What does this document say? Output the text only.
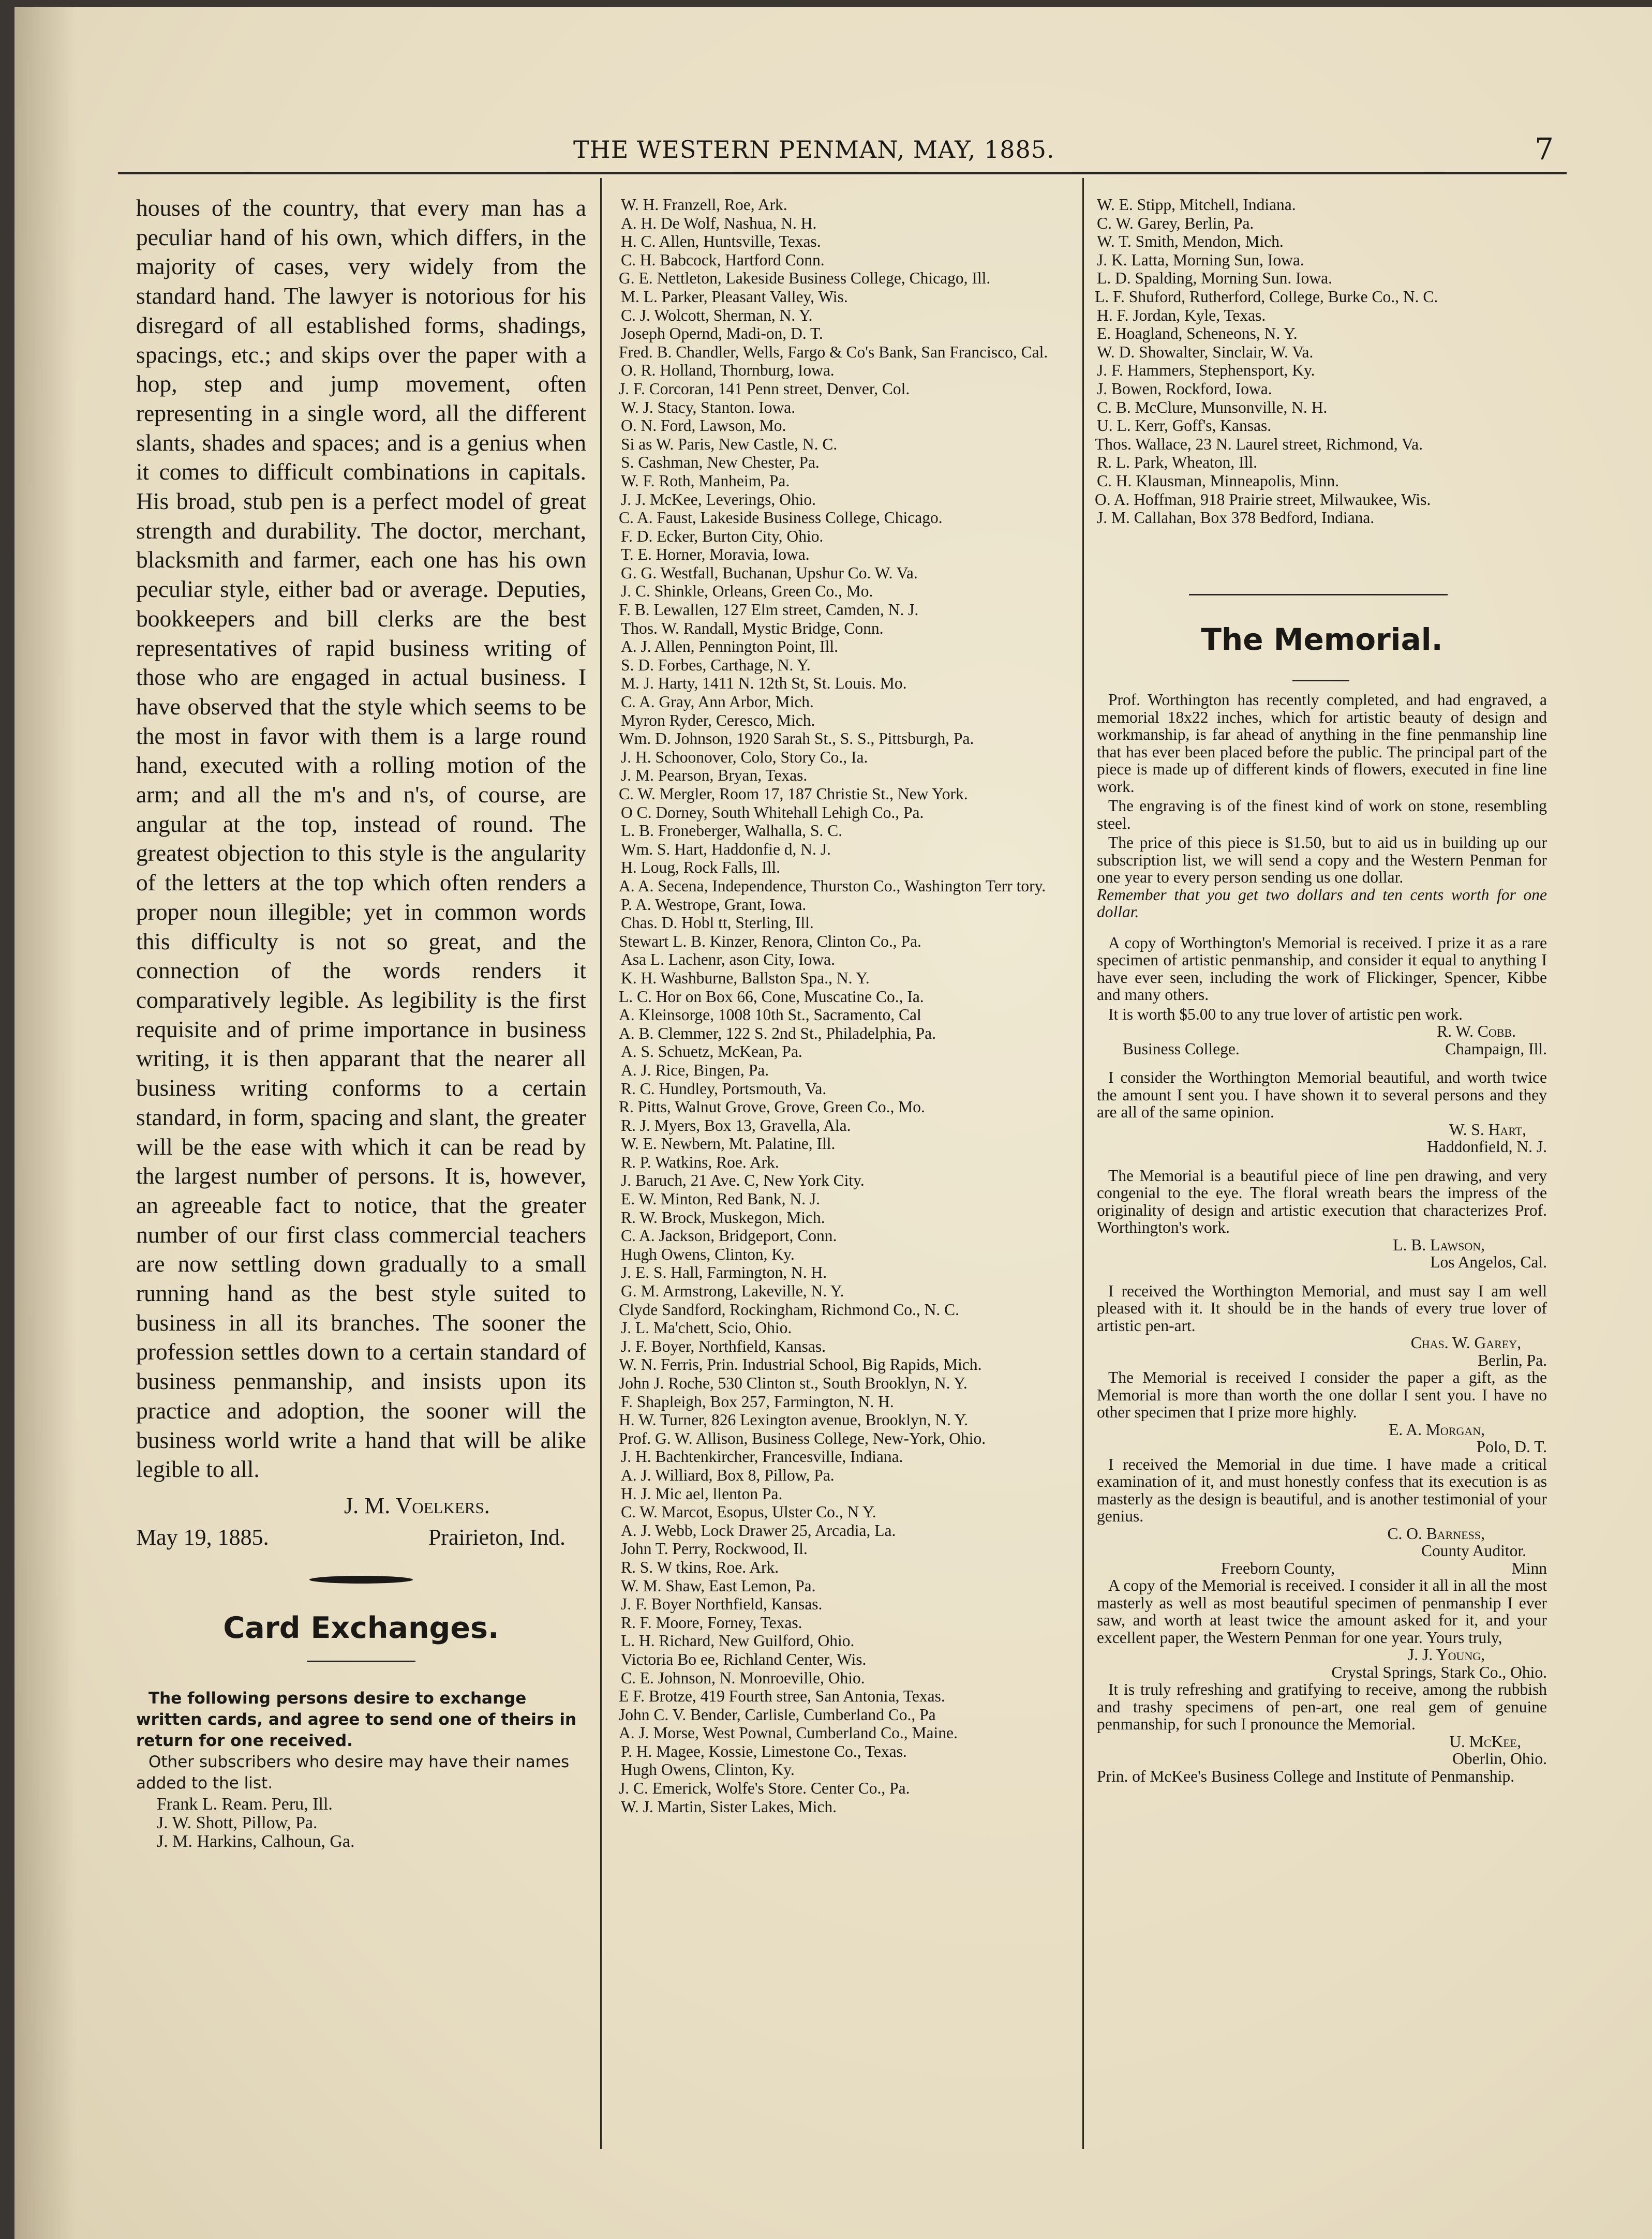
THE WESTERN PENMAN, MAY, 1885.	7

houses of the country, that every man has a peculiar hand of his own, which differs, in the majority of cases, very widely from the standard hand. The lawyer is notorious for his disregard of all established forms, shadings, spacings, etc.; and skips over the paper with a hop, step and jump movement, often representing in a single word, all the different slants, shades and spaces; and is a genius when it comes to difficult combinations in capitals. His broad, stub pen is a perfect model of great strength and durability. The doctor, merchant, blacksmith and farmer, each one has his own peculiar style, either bad or average. Deputies, bookkeepers and bill clerks are the best representatives of rapid business writing of those who are engaged in actual business. I have observed that the style which seems to be the most in favor with them is a large round hand, executed with a rolling motion of the arm; and all the m's and n's, of course, are angular at the top, instead of round. The greatest objection to this style is the angularity of the letters at the top which often renders a proper noun illegible; yet in common words this difficulty is not so great, and the connection of the words renders it comparatively legible. As legibility is the first requisite and of prime importance in business writing, it is then apparant that the nearer all business writing conforms to a certain standard, in form, spacing and slant, the greater will be the ease with which it can be read by the largest number of persons. It is, however, an agreeable fact to notice, that the greater number of our first class commercial teachers are now settling down gradually to a small running hand as the best style suited to business in all its branches. The sooner the profession settles down to a certain standard of business penmanship, and insists upon its practice and adoption, the sooner will the business world write a hand that will be alike legible to all.

J. M. Voelkers.
May 19, 1885.	Prairieton, Ind.
Card Exchanges.

The following persons desire to exchange written cards, and agree to send one of theirs in return for one received.

Other subscribers who desire may have their names added to the list.

Frank L. Ream. Peru, Ill.
J. W. Shott, Pillow, Pa.
J. M. Harkins, Calhoun, Ga.
W. H. Franzell, Roe, Ark.
A. H. De Wolf, Nashua, N. H.
H. C. Allen, Huntsville, Texas.
C. H. Babcock, Hartford Conn.
G. E. Nettleton, Lakeside Business College, Chicago, Ill.
M. L. Parker, Pleasant Valley, Wis.
C. J. Wolcott, Sherman, N. Y.
Joseph Opernd, Madi-on, D. T.
Fred. B. Chandler, Wells, Fargo & Co's Bank, San Francisco, Cal.
O. R. Holland, Thornburg, Iowa.
J. F. Corcoran, 141 Penn street, Denver, Col.
W. J. Stacy, Stanton. Iowa.
O. N. Ford, Lawson, Mo.
Si as W. Paris, New Castle, N. C.
S. Cashman, New Chester, Pa.
W. F. Roth, Manheim, Pa.
J. J. McKee, Leverings, Ohio.
C. A. Faust, Lakeside Business College, Chicago.
F. D. Ecker, Burton City, Ohio.
T. E. Horner, Moravia, Iowa.
G. G. Westfall, Buchanan, Upshur Co. W. Va.
J. C. Shinkle, Orleans, Green Co., Mo.
F. B. Lewallen, 127 Elm street, Camden, N. J.
Thos. W. Randall, Mystic Bridge, Conn.
A. J. Allen, Pennington Point, Ill.
S. D. Forbes, Carthage, N. Y.
M. J. Harty, 1411 N. 12th St, St. Louis. Mo.
C. A. Gray, Ann Arbor, Mich.
Myron Ryder, Ceresco, Mich.
Wm. D. Johnson, 1920 Sarah St., S. S., Pittsburgh, Pa.
J. H. Schoonover, Colo, Story Co., Ia.
J. M. Pearson, Bryan, Texas.
C. W. Mergler, Room 17, 187 Christie St., New York.
O C. Dorney, South Whitehall Lehigh Co., Pa.
L. B. Froneberger, Walhalla, S. C.
Wm. S. Hart, Haddonfie d, N. J.
H. Loug, Rock Falls, Ill.
A. A. Secena, Independence, Thurston Co., Washington Terr tory.
P. A. Westrope, Grant, Iowa.
Chas. D. Hobl tt, Sterling, Ill.
Stewart L. B. Kinzer, Renora, Clinton Co., Pa.
Asa L. Lachenr, ason City, Iowa.
K. H. Washburne, Ballston Spa., N. Y.
L. C. Hor on Box 66, Cone, Muscatine Co., Ia.
A. Kleinsorge, 1008 10th St., Sacramento, Cal
A. B. Clemmer, 122 S. 2nd St., Philadelphia, Pa.
A. S. Schuetz, McKean, Pa.
A. J. Rice, Bingen, Pa.
R. C. Hundley, Portsmouth, Va.
R. Pitts, Walnut Grove, Grove, Green Co., Mo.
R. J. Myers, Box 13, Gravella, Ala.
W. E. Newbern, Mt. Palatine, Ill.
R. P. Watkins, Roe. Ark.
J. Baruch, 21 Ave. C, New York City.
E. W. Minton, Red Bank, N. J.
R. W. Brock, Muskegon, Mich.
C. A. Jackson, Bridgeport, Conn.
Hugh Owens, Clinton, Ky.
J. E. S. Hall, Farmington, N. H.
G. M. Armstrong, Lakeville, N. Y.
Clyde Sandford, Rockingham, Richmond Co., N. C.
J. L. Ma'chett, Scio, Ohio.
J. F. Boyer, Northfield, Kansas.
W. N. Ferris, Prin. Industrial School, Big Rapids, Mich.
John J. Roche, 530 Clinton st., South Brooklyn, N. Y.
F. Shapleigh, Box 257, Farmington, N. H.
H. W. Turner, 826 Lexington avenue, Brooklyn, N. Y.
Prof. G. W. Allison, Business College, New-York, Ohio.
J. H. Bachtenkircher, Francesville, Indiana.
A. J. Williard, Box 8, Pillow, Pa.
H. J. Mic ael, llenton Pa.
C. W. Marcot, Esopus, Ulster Co., N Y.
A. J. Webb, Lock Drawer 25, Arcadia, La.
John T. Perry, Rockwood, Il.
R. S. W tkins, Roe. Ark.
W. M. Shaw, East Lemon, Pa.
J. F. Boyer Northfield, Kansas.
R. F. Moore, Forney, Texas.
L. H. Richard, New Guilford, Ohio.
Victoria Bo ee, Richland Center, Wis.
C. E. Johnson, N. Monroeville, Ohio.
E F. Brotze, 419 Fourth stree, San Antonia, Texas.
John C. V. Bender, Carlisle, Cumberland Co., Pa
A. J. Morse, West Pownal, Cumberland Co., Maine.
P. H. Magee, Kossie, Limestone Co., Texas.
Hugh Owens, Clinton, Ky.
J. C. Emerick, Wolfe's Store. Center Co., Pa.
W. J. Martin, Sister Lakes, Mich.
W. E. Stipp, Mitchell, Indiana.
C. W. Garey, Berlin, Pa.
W. T. Smith, Mendon, Mich.
J. K. Latta, Morning Sun, Iowa.
L. D. Spalding, Morning Sun. Iowa.
L. F. Shuford, Rutherford, College, Burke Co., N. C.
H. F. Jordan, Kyle, Texas.
E. Hoagland, Scheneons, N. Y.
W. D. Showalter, Sinclair, W. Va.
J. F. Hammers, Stephensport, Ky.
J. Bowen, Rockford, Iowa.
C. B. McClure, Munsonville, N. H.
U. L. Kerr, Goff's, Kansas.
Thos. Wallace, 23 N. Laurel street, Richmond, Va.
R. L. Park, Wheaton, Ill.
C. H. Klausman, Minneapolis, Minn.
O. A. Hoffman, 918 Prairie street, Milwaukee, Wis.
J. M. Callahan, Box 378 Bedford, Indiana.
The Memorial.

Prof. Worthington has recently completed, and had engraved, a memorial 18x22 inches, which for artistic beauty of design and workmanship, is far ahead of anything in the fine penmanship line that has ever been placed before the public. The principal part of the piece is made up of different kinds of flowers, executed in fine line work.

The engraving is of the finest kind of work on stone, resembling steel.

The price of this piece is $1.50, but to aid us in building up our subscription list, we will send a copy and the Western Penman for one year to every person sending us one dollar.

Remember that you get two dollars and ten cents worth for one dollar.

A copy of Worthington's Memorial is received. I prize it as a rare specimen of artistic penmanship, and consider it equal to anything I have ever seen, including the work of Flickinger, Spencer, Kibbe and many others.

It is worth $5.00 to any true lover of artistic pen work.

R. W. Cobb.

Business College.	Champaign, Ill.

I consider the Worthington Memorial beautiful, and worth twice the amount I sent you. I have shown it to several persons and they are all of the same opinion.

W. S. Hart,

Haddonfield, N. J.

The Memorial is a beautiful piece of line pen drawing, and very congenial to the eye. The floral wreath bears the impress of the originality of design and artistic execution that characterizes Prof. Worthington's work.

L. B. Lawson,

Los Angelos, Cal.

I received the Worthington Memorial, and must say I am well pleased with it. It should be in the hands of every true lover of artistic pen-art.

Chas. W. Garey,

Berlin, Pa.

The Memorial is received I consider the paper a gift, as the Memorial is more than worth the one dollar I sent you. I have no other specimen that I prize more highly.

E. A. Morgan,

Polo, D. T.

I received the Memorial in due time. I have made a critical examination of it, and must honestly confess that its execution is as masterly as the design is beautiful, and is another testimonial of your genius.

C. O. Barness,

County Auditor.

Freeborn County,	Minn

A copy of the Memorial is received. I consider it all in all the most masterly as well as most beautiful specimen of penmanship I ever saw, and worth at least twice the amount asked for it, and your excellent paper, the Western Penman for one year. Yours truly,

J. J. Young,

Crystal Springs, Stark Co., Ohio.

It is truly refreshing and gratifying to receive, among the rubbish and trashy specimens of pen-art, one real gem of genuine penmanship, for such I pronounce the Memorial.

U. McKee,

Oberlin, Ohio.

Prin. of McKee's Business College and Institute of Penmanship.
